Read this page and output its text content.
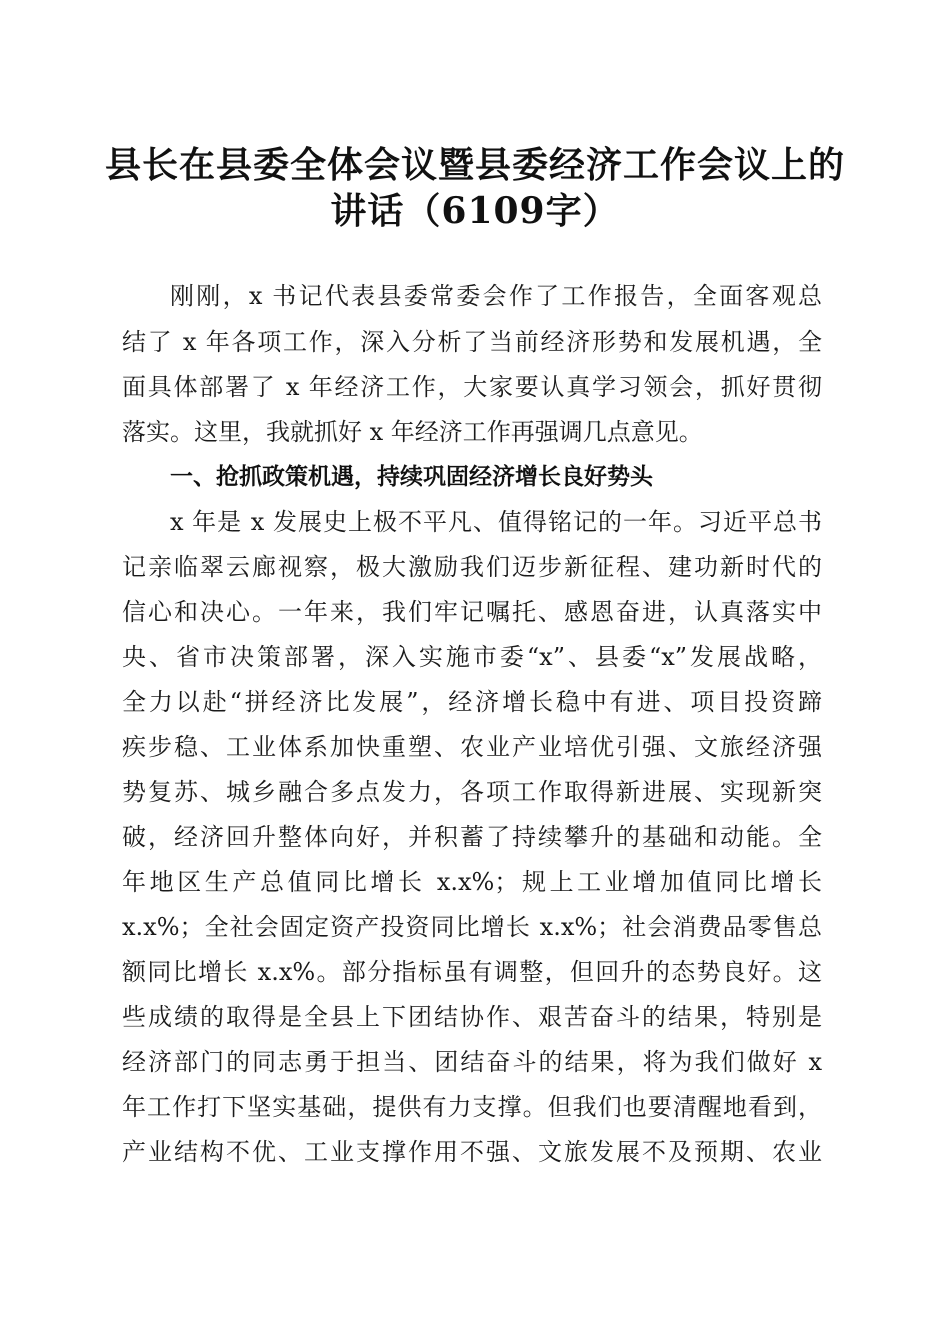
县长在县委全体会议暨县委经济工作会议上的
讲话（6109字）
刚刚，x 书记代表县委常委会作了工作报告，全面客观总
结了 x 年各项工作，深入分析了当前经济形势和发展机遇，全
面具体部署了 x 年经济工作，大家要认真学习领会，抓好贯彻
落实。这里，我就抓好 x 年经济工作再强调几点意见。
一、抢抓政策机遇，持续巩固经济增长良好势头
x 年是 x 发展史上极不平凡、值得铭记的一年。习近平总书
记亲临翠云廊视察，极大激励我们迈步新征程、建功新时代的
信心和决心。一年来，我们牢记嘱托、感恩奋进，认真落实中
央、省市决策部署，深入实施市委“x”、县委“x”发展战略，
全力以赴“拼经济比发展”，经济增长稳中有进、项目投资蹄
疾步稳、工业体系加快重塑、农业产业培优引强、文旅经济强
势复苏、城乡融合多点发力，各项工作取得新进展、实现新突
破，经济回升整体向好，并积蓄了持续攀升的基础和动能。全
年地区生产总值同比增长 x.x%；规上工业增加值同比增长
x.x%；全社会固定资产投资同比增长 x.x%；社会消费品零售总
额同比增长 x.x%。部分指标虽有调整，但回升的态势良好。这
些成绩的取得是全县上下团结协作、艰苦奋斗的结果，特别是
经济部门的同志勇于担当、团结奋斗的结果，将为我们做好 x
年工作打下坚实基础，提供有力支撑。但我们也要清醒地看到，
产业结构不优、工业支撑作用不强、文旅发展不及预期、农业
